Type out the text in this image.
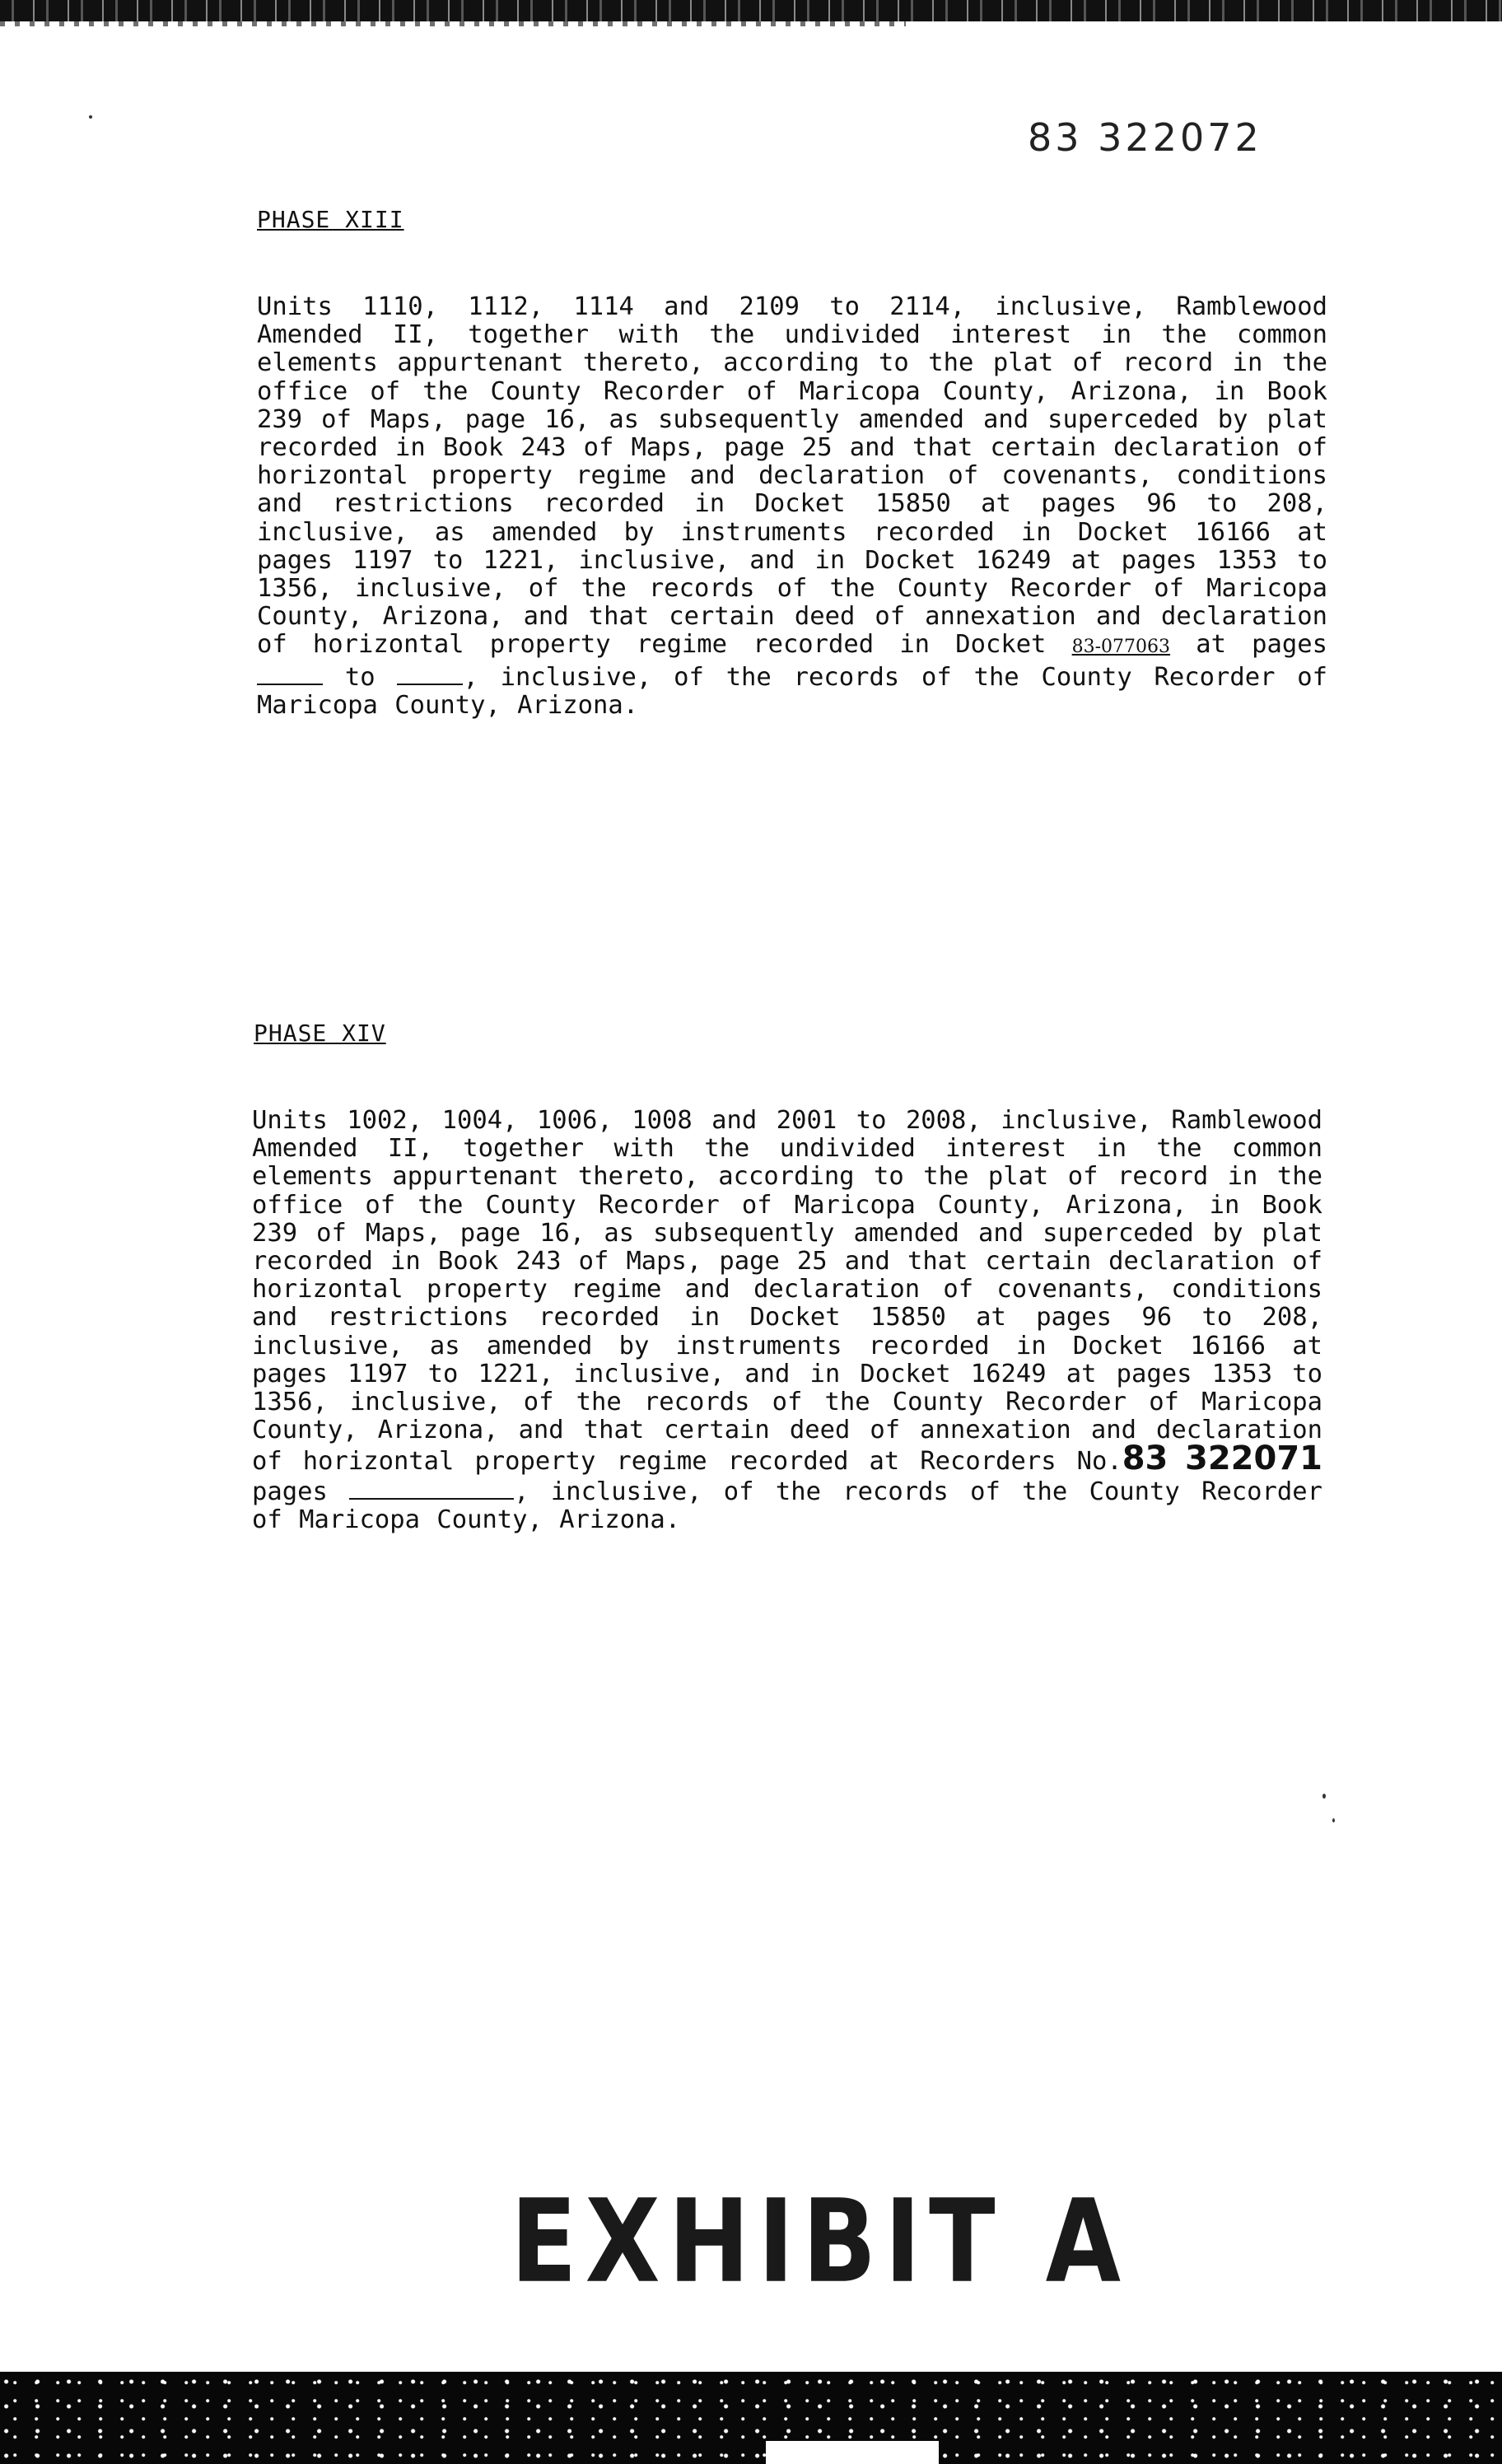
83 322072
PHASE XIII
Units 1110, 1112, 1114 and 2109 to 2114, inclusive, Ramblewood Amended II, together with the undivided interest in the common elements appurtenant thereto, according to the plat of record in the office of the County Recorder of Maricopa County, Arizona, in Book 239 of Maps, page 16, as subsequently amended and superceded by plat recorded in Book 243 of Maps, page 25 and that certain declaration of horizontal property regime and declaration of covenants, conditions and restrictions recorded in Docket 15850 at pages 96 to 208, inclusive, as amended by instruments recorded in Docket 16166 at pages 1197 to 1221, inclusive, and in Docket 16249 at pages 1353 to 1356, inclusive, of the records of the County Recorder of Maricopa County, Arizona, and that certain deed of annexation and declaration of horizontal property regime recorded in Docket 83-077063 at pages  to	, inclusive, of the records of the County Recorder of Maricopa County, Arizona.
PHASE XIV
Units 1002, 1004, 1006, 1008 and 2001 to 2008, inclusive, Ramblewood Amended II, together with the undivided interest in the common elements appurtenant thereto, according to the plat of record in the office of the County Recorder of Maricopa County, Arizona, in Book 239 of Maps, page 16, as subsequently amended and superceded by plat recorded in Book 243 of Maps, page 25 and that certain declaration of horizontal property regime and declaration of covenants, conditions and restrictions recorded in Docket 15850 at pages 96 to 208, inclusive, as amended by instruments recorded in Docket 16166 at pages 1197 to 1221, inclusive, and in Docket 16249 at pages 1353 to 1356, inclusive, of the records of the County Recorder of Maricopa County, Arizona, and that certain deed of annexation and declaration of horizontal property regime recorded at Recorders No.83 322071 pages	, inclusive, of the records of the County Recorder of Maricopa County, Arizona.
EXHIBIT A
